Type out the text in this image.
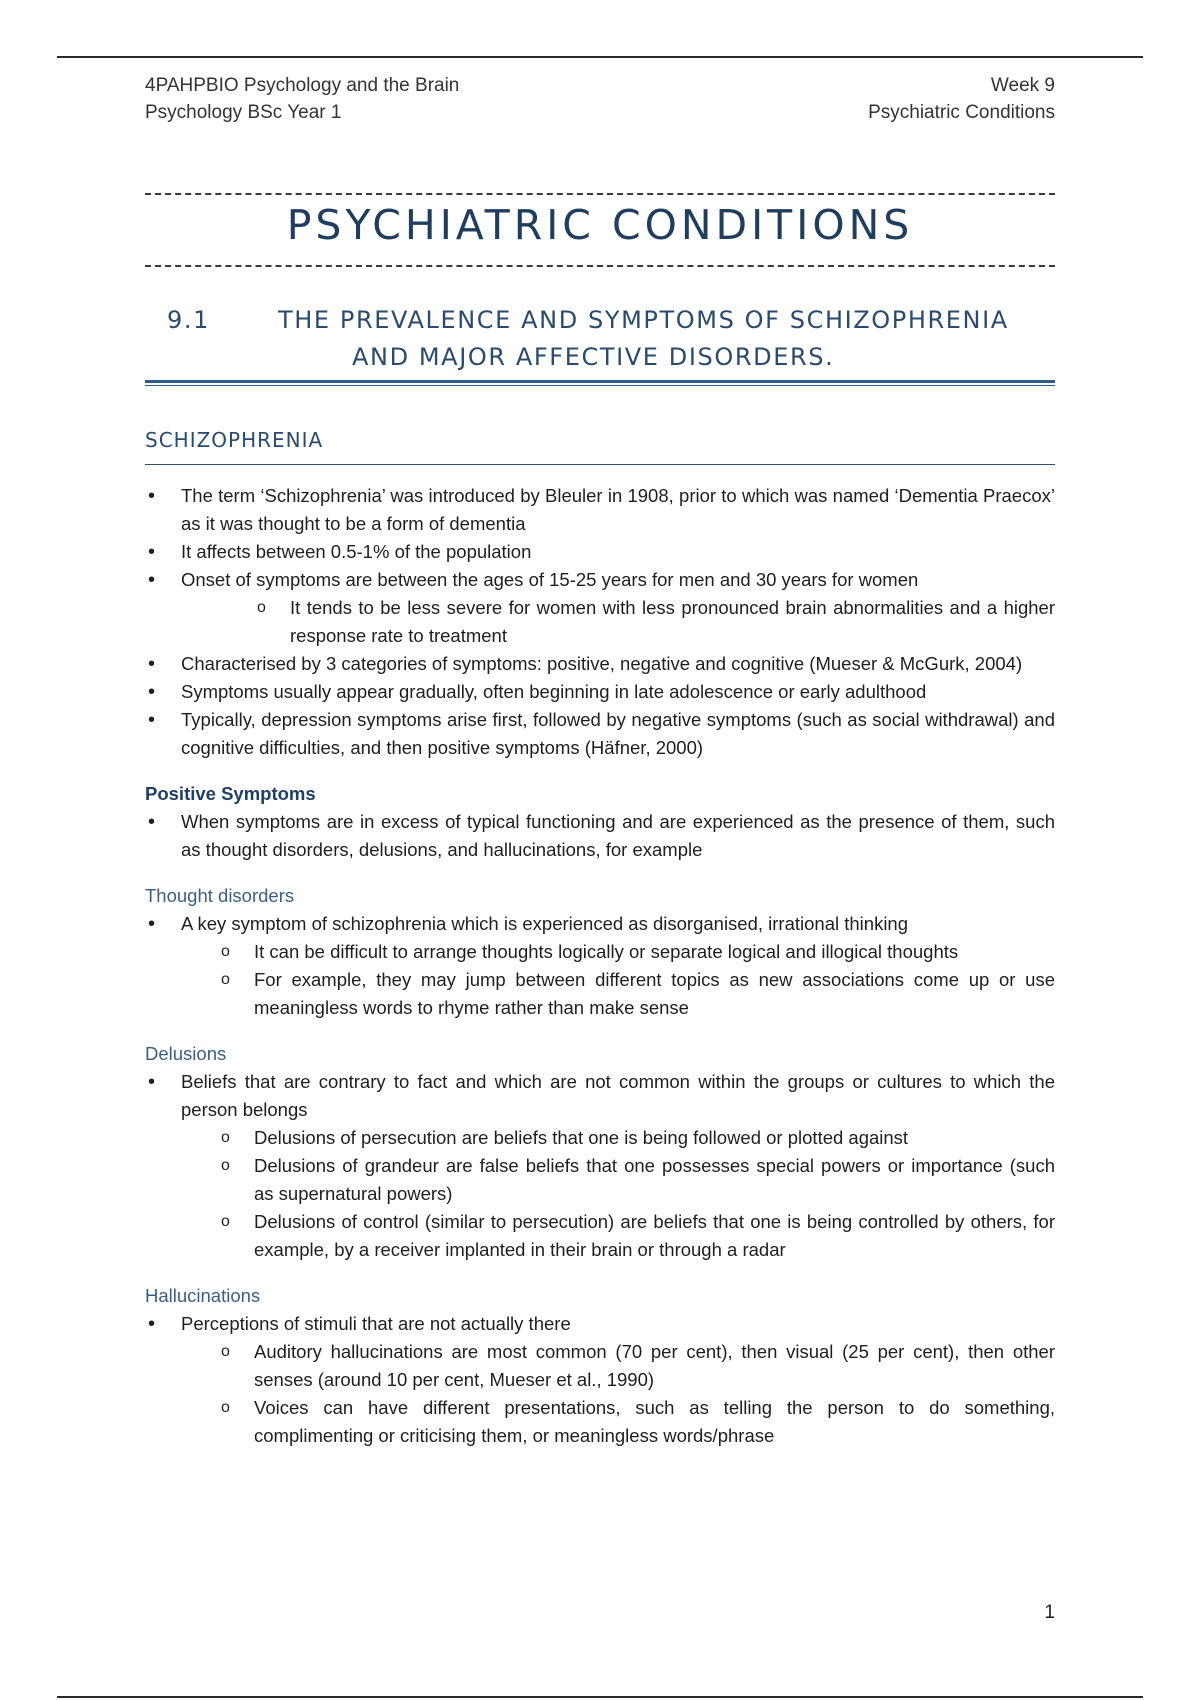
4PAHPBIO Psychology and the Brain
Psychology BSc Year 1
Week 9
Psychiatric Conditions
PSYCHIATRIC CONDITIONS
9.1	THE PREVALENCE AND SYMPTOMS OF SCHIZOPHRENIA
AND MAJOR AFFECTIVE DISORDERS.
SCHIZOPHRENIA
• The term ‘Schizophrenia’ was introduced by Bleuler in 1908, prior to which was named ‘Dementia Praecox’ as it was thought to be a form of dementia
• It affects between 0.5-1% of the population
• Onset of symptoms are between the ages of 15-25 years for men and 30 years for women
o It tends to be less severe for women with less pronounced brain abnormalities and a higher response rate to treatment
• Characterised by 3 categories of symptoms: positive, negative and cognitive (Mueser & McGurk, 2004)
• Symptoms usually appear gradually, often beginning in late adolescence or early adulthood
• Typically, depression symptoms arise first, followed by negative symptoms (such as social withdrawal) and cognitive difficulties, and then positive symptoms (Häfner, 2000)
Positive Symptoms
• When symptoms are in excess of typical functioning and are experienced as the presence of them, such as thought disorders, delusions, and hallucinations, for example
Thought disorders
• A key symptom of schizophrenia which is experienced as disorganised, irrational thinking
o It can be difficult to arrange thoughts logically or separate logical and illogical thoughts
o For example, they may jump between different topics as new associations come up or use meaningless words to rhyme rather than make sense
Delusions
• Beliefs that are contrary to fact and which are not common within the groups or cultures to which the person belongs
o Delusions of persecution are beliefs that one is being followed or plotted against
o Delusions of grandeur are false beliefs that one possesses special powers or importance (such as supernatural powers)
o Delusions of control (similar to persecution) are beliefs that one is being controlled by others, for example, by a receiver implanted in their brain or through a radar
Hallucinations
• Perceptions of stimuli that are not actually there
o Auditory hallucinations are most common (70 per cent), then visual (25 per cent), then other senses (around 10 per cent, Mueser et al., 1990)
o Voices can have different presentations, such as telling the person to do something, complimenting or criticising them, or meaningless words/phrase
1
